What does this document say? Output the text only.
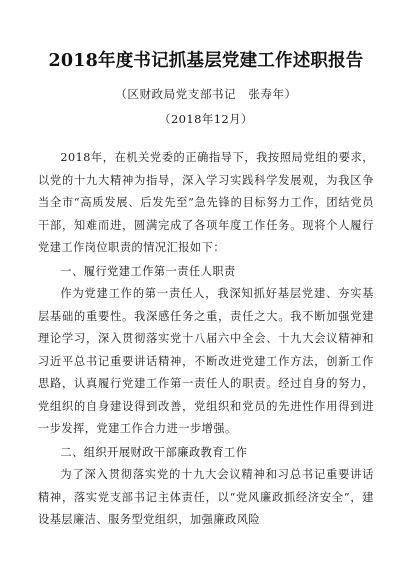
2018年度书记抓基层党建工作述职报告
（区财政局党支部书记　张寿年）
（2018年12月）

2018年，在机关党委的正确指导下，我按照局党组的要求，以党的十九大精神为指导，深入学习实践科学发展观，为我区争当全市“高质发展、后发先至”急先锋的目标努力工作，团结党员干部，知难而进，圆满完成了各项年度工作任务。现将个人履行党建工作岗位职责的情况汇报如下：

一、履行党建工作第一责任人职责

作为党建工作的第一责任人，我深知抓好基层党建、夯实基层基础的重要性。我深感任务之重，责任之大。我不断加强党建理论学习，深入贯彻落实党十八届六中全会、十九大会议精神和习近平总书记重要讲话精神，不断改进党建工作方法，创新工作思路，认真履行党建工作第一责任人的职责。经过自身的努力，党组织的自身建设得到改善，党组织和党员的先进性作用得到进一步发挥，党建工作合力进一步增强。

二、组织开展财政干部廉政教育工作

为了深入贯彻落实党的十九大会议精神和习总书记重要讲话精神，落实党支部书记主体责任，以“党风廉政抓经济安全”，建设基层廉洁、服务型党组织，加强廉政风险
